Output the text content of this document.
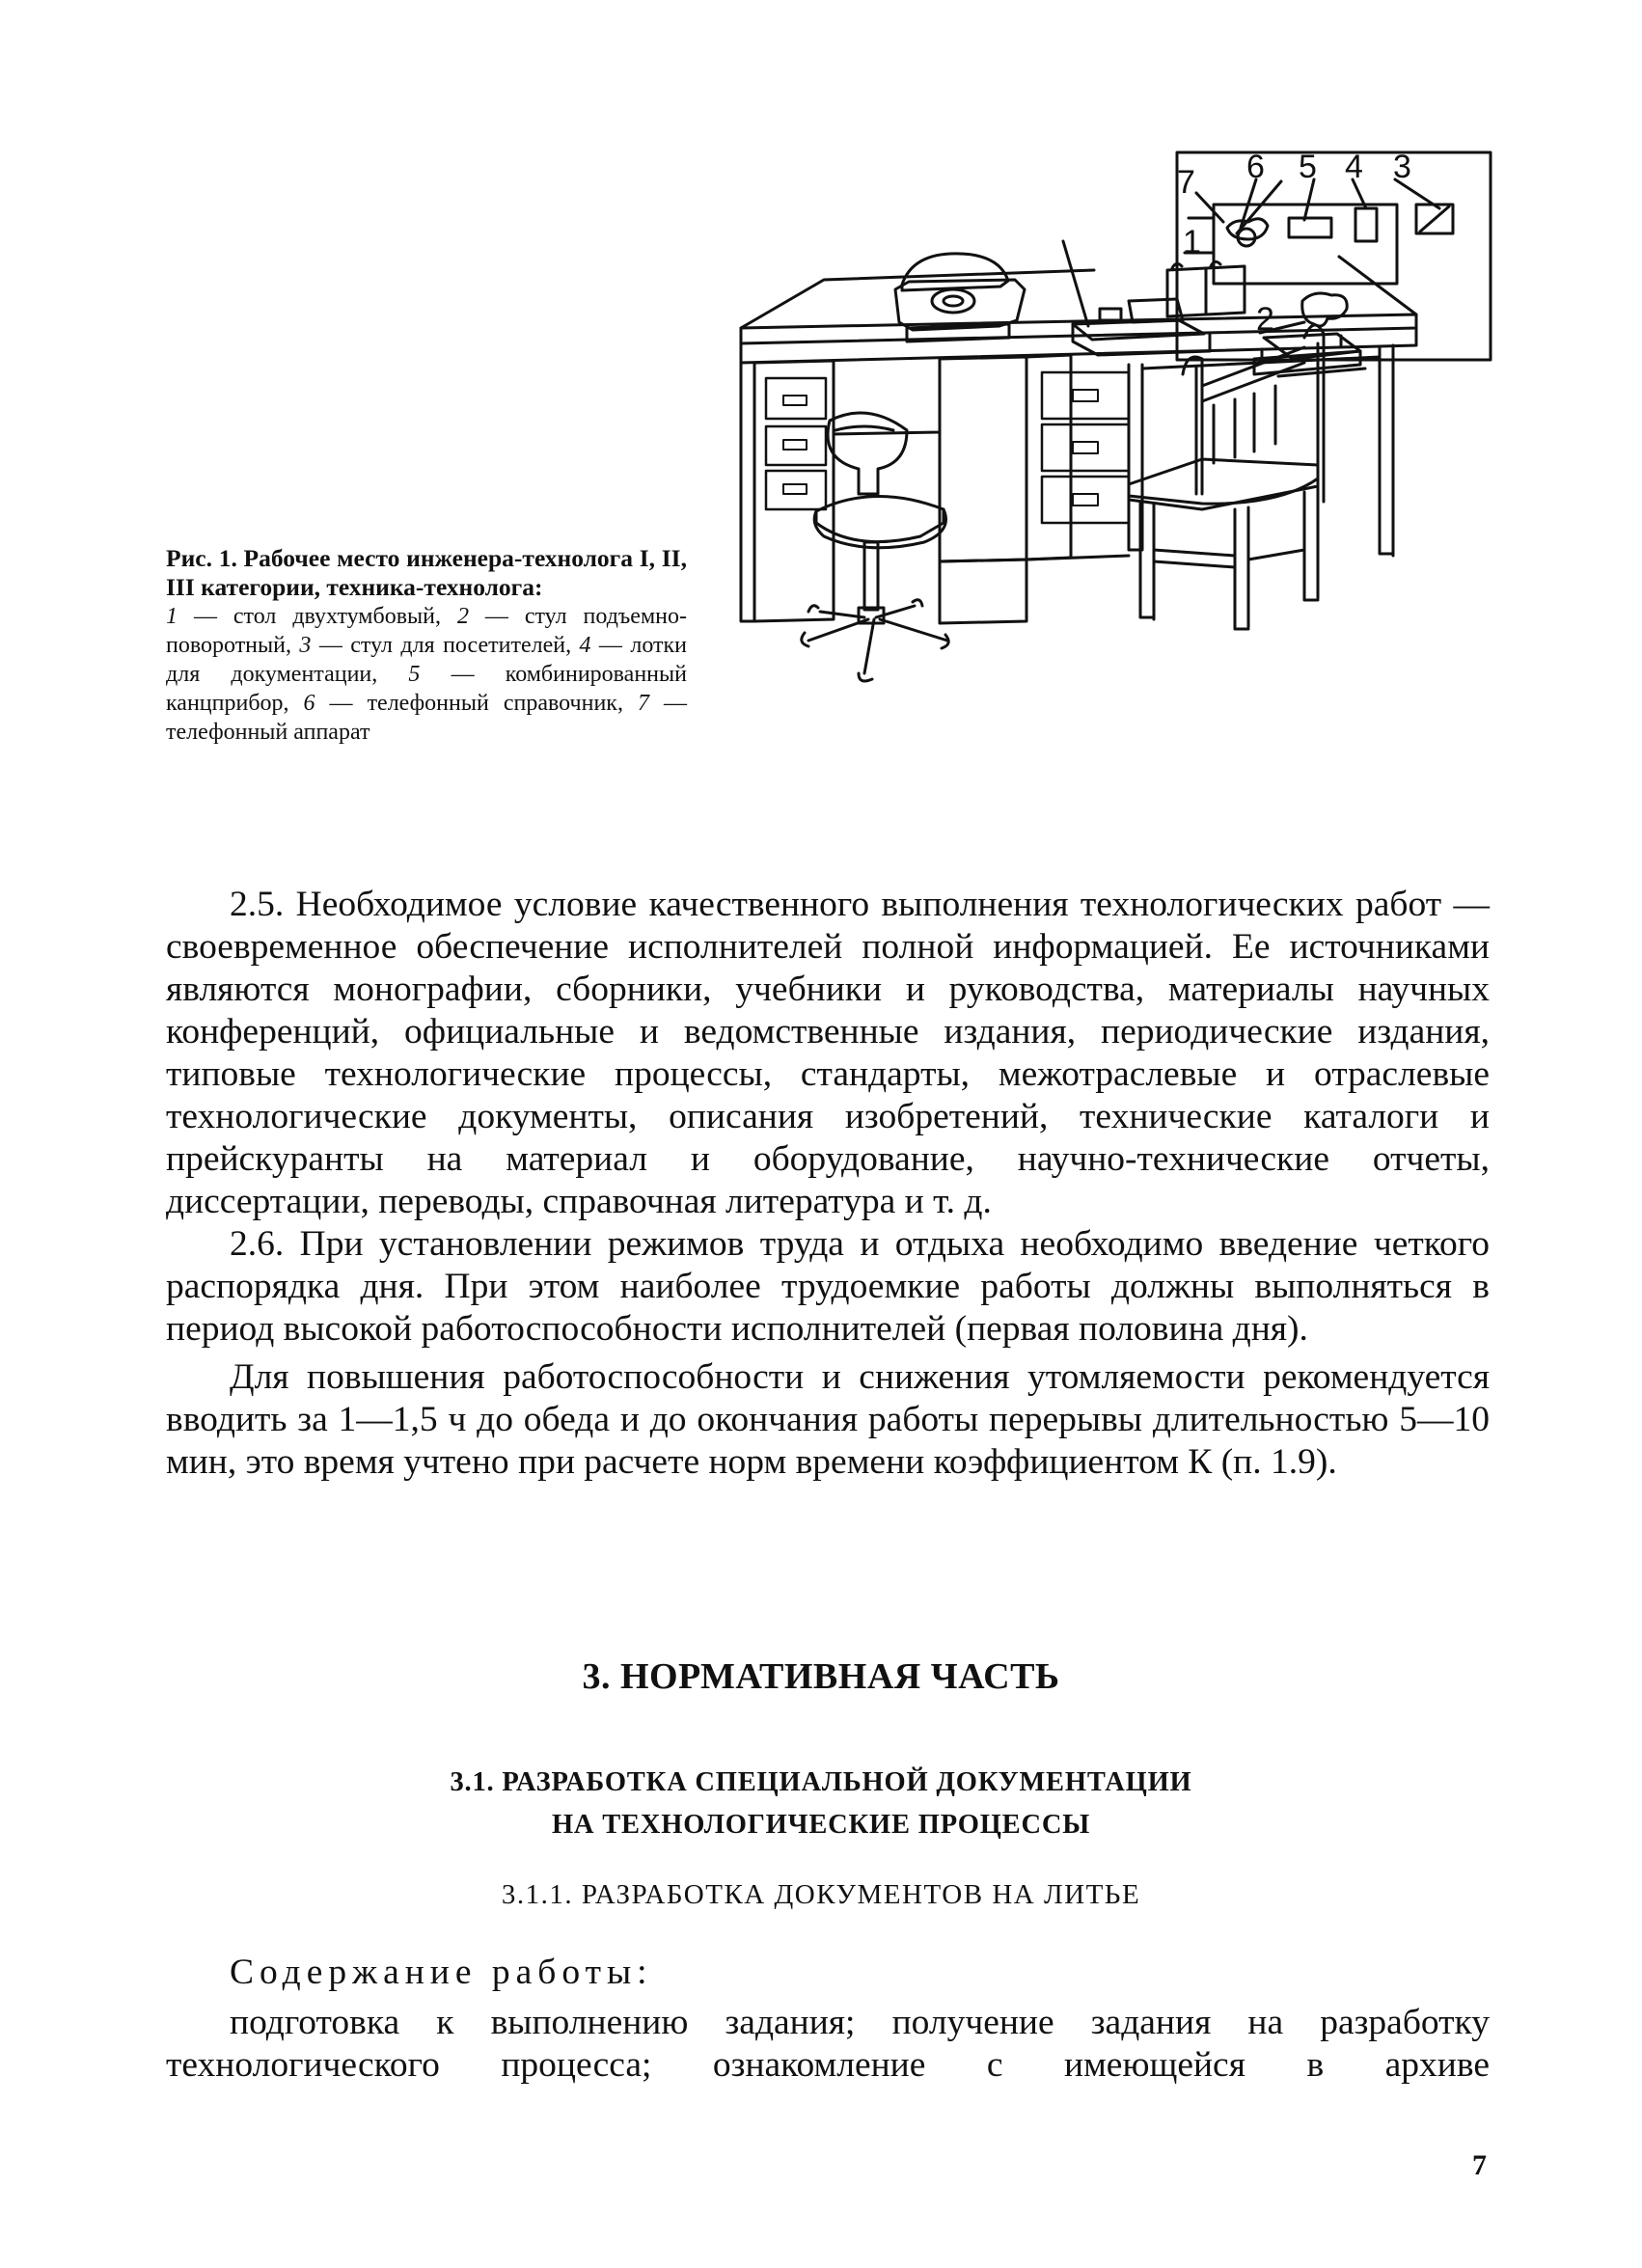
Рис. 1. Рабочее место инженера-технолога I, II, III категории, техника-технолога:
1 — стол двухтумбовый, 2 — стул подъемно-поворотный, 3 — стул для посетителей, 4 — лотки для документации, 5 — комбинированный канцприбор, 6 — телефонный справочник, 7 — телефонный аппарат
7
1
6 5 4 3
2

2.5. Необходимое условие качественного выполнения технологических работ — своевременное обеспечение исполнителей полной информацией. Ее источниками являются монографии, сборники, учебники и руководства, материалы научных конференций, официальные и ведомственные издания, периодические издания, типовые технологические процессы, стандарты, межотраслевые и отраслевые технологические документы, описания изобретений, технические каталоги и прейскуранты на материал и оборудование, научно-технические отчеты, диссертации, переводы, справочная литература и т. д.

2.6. При установлении режимов труда и отдыха необходимо введение четкого распорядка дня. При этом наиболее трудоемкие работы должны выполняться в период высокой работоспособности исполнителей (первая половина дня).

Для повышения работоспособности и снижения утомляемости рекомендуется вводить за 1—1,5 ч до обеда и до окончания работы перерывы длительностью 5—10 мин, это время учтено при расчете норм времени коэффициентом К (п. 1.9).

3. НОРМАТИВНАЯ ЧАСТЬ
3.1. РАЗРАБОТКА СПЕЦИАЛЬНОЙ ДОКУМЕНТАЦИИ
НА ТЕХНОЛОГИЧЕСКИЕ ПРОЦЕССЫ
3.1.1. РАЗРАБОТКА ДОКУМЕНТОВ НА ЛИТЬЕ
Содержание работы:

подготовка к выполнению задания; получение задания на разработку технологического процесса; ознакомление с имеющейся в архиве

7
